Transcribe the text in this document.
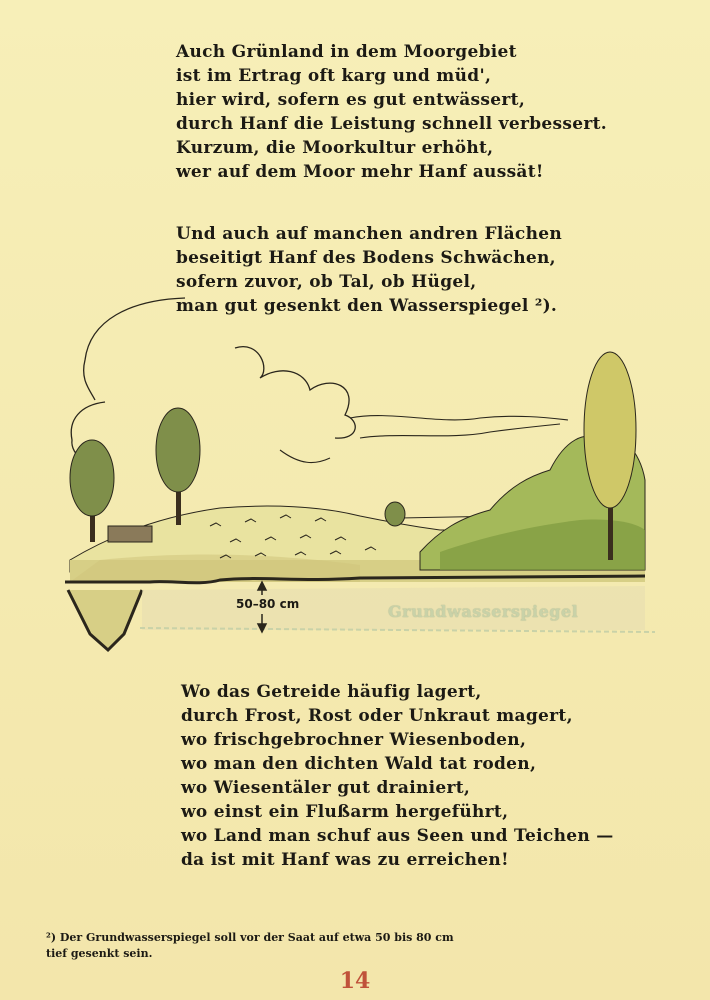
Auch Grünland in dem Moorgebiet
ist im Ertrag oft karg und müd',
hier wird, sofern es gut entwässert,
durch Hanf die Leistung schnell verbessert.
Kurzum, die Moorkultur erhöht,
wer auf dem Moor mehr Hanf aussät!
Und auch auf manchen andren Flächen
beseitigt Hanf des Bodens Schwächen,
sofern zuvor, ob Tal, ob Hügel,
man gut gesenkt den Wasserspiegel ²).
50–80 cm	Grundwasserspiegel
Wo das Getreide häufig lagert,
durch Frost, Rost oder Unkraut magert,
wo frischgebrochner Wiesenboden,
wo man den dichten Wald tat roden,
wo Wiesentäler gut drainiert,
wo einst ein Flußarm hergeführt,
wo Land man schuf aus Seen und Teichen —
da ist mit Hanf was zu erreichen!
²) Der Grundwasserspiegel soll vor der Saat auf etwa 50 bis 80 cm
tief gesenkt sein.
14
